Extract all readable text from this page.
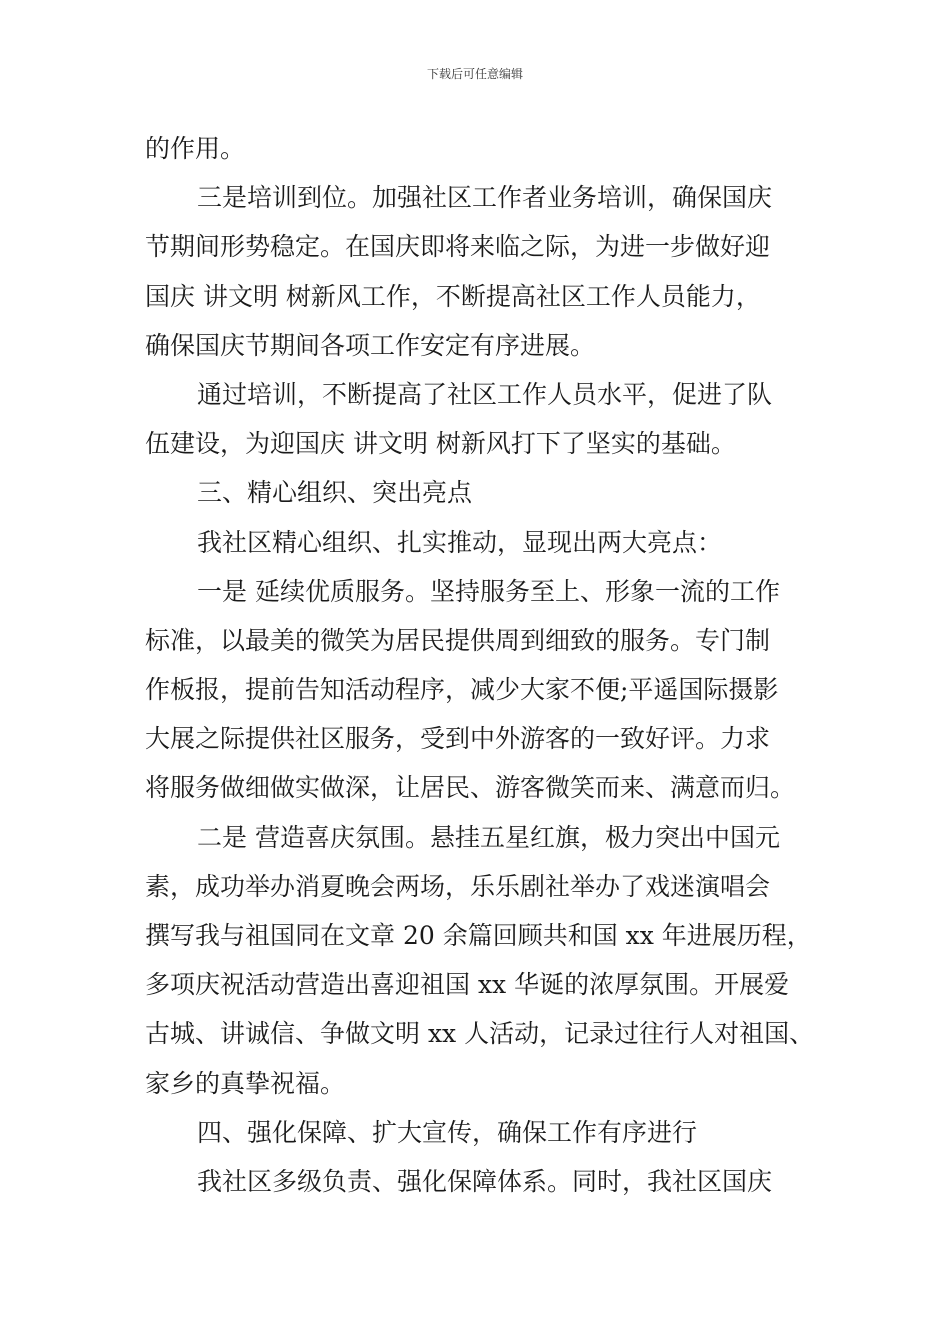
下载后可任意编辑
的作用。
三是培训到位。加强社区工作者业务培训，确保国庆
节期间形势稳定。在国庆即将来临之际，为进一步做好迎
国庆 讲文明 树新风工作，不断提高社区工作人员能力，
确保国庆节期间各项工作安定有序进展。
通过培训，不断提高了社区工作人员水平，促进了队
伍建设，为迎国庆 讲文明 树新风打下了坚实的基础。
三、精心组织、突出亮点
我社区精心组织、扎实推动，显现出两大亮点：
一是 延续优质服务。坚持服务至上、形象一流的工作
标准，以最美的微笑为居民提供周到细致的服务。专门制
作板报，提前告知活动程序，减少大家不便;平遥国际摄影
大展之际提供社区服务，受到中外游客的一致好评。力求
将服务做细做实做深，让居民、游客微笑而来、满意而归。
二是 营造喜庆氛围。悬挂五星红旗，极力突出中国元
素，成功举办消夏晚会两场，乐乐剧社举办了戏迷演唱会
撰写我与祖国同在文章 20 余篇回顾共和国 xx 年进展历程，
多项庆祝活动营造出喜迎祖国 xx 华诞的浓厚氛围。开展爱
古城、讲诚信、争做文明 xx 人活动，记录过往行人对祖国、
家乡的真挚祝福。
四、强化保障、扩大宣传，确保工作有序进行
我社区多级负责、强化保障体系。同时，我社区国庆
